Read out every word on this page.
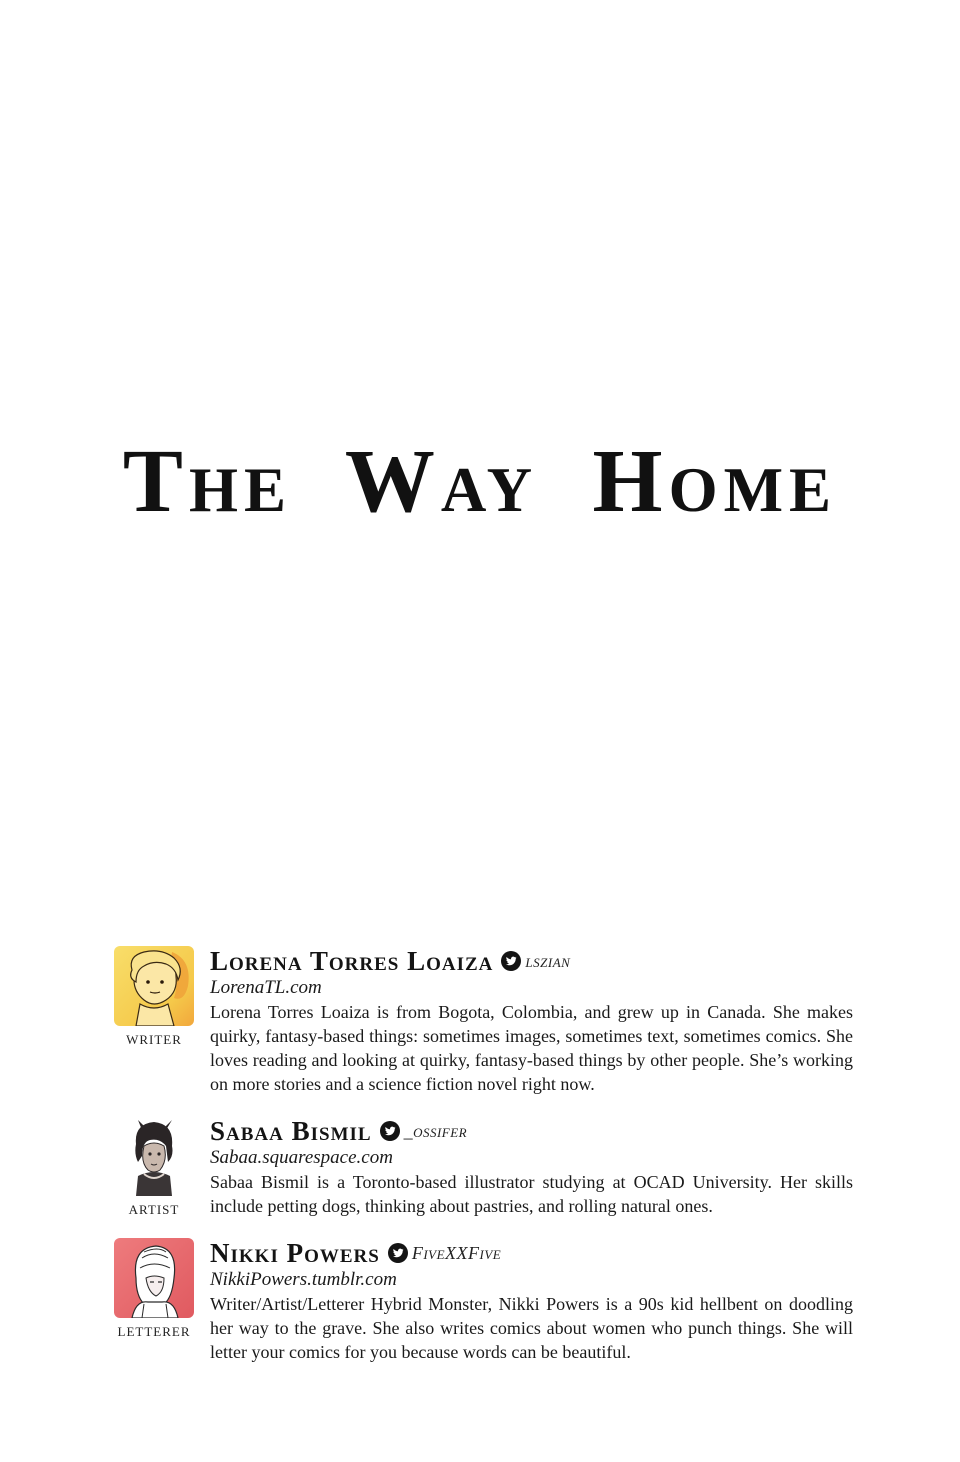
The Way Home
WRITER
Lorena Torres Loaiza lszian
LorenaTL.com

Lorena Torres Loaiza is from Bogota, Colombia, and grew up in Canada. She makes quirky, fantasy-based things: sometimes images, sometimes text, sometimes comics. She loves reading and looking at quirky, fantasy-based things by other people. She’s working on more stories and a science fiction novel right now.

ARTIST
Sabaa Bismil _ossifer
Sabaa.squarespace.com

Sabaa Bismil is a Toronto-based illustrator studying at OCAD University. Her skills include petting dogs, thinking about pastries, and rolling natural ones.

LETTERER
Nikki Powers FiveXXFive
NikkiPowers.tumblr.com

Writer/Artist/Letterer Hybrid Monster, Nikki Powers is a 90s kid hellbent on doodling her way to the grave. She also writes comics about women who punch things. She will letter your comics for you because words can be beautiful.
